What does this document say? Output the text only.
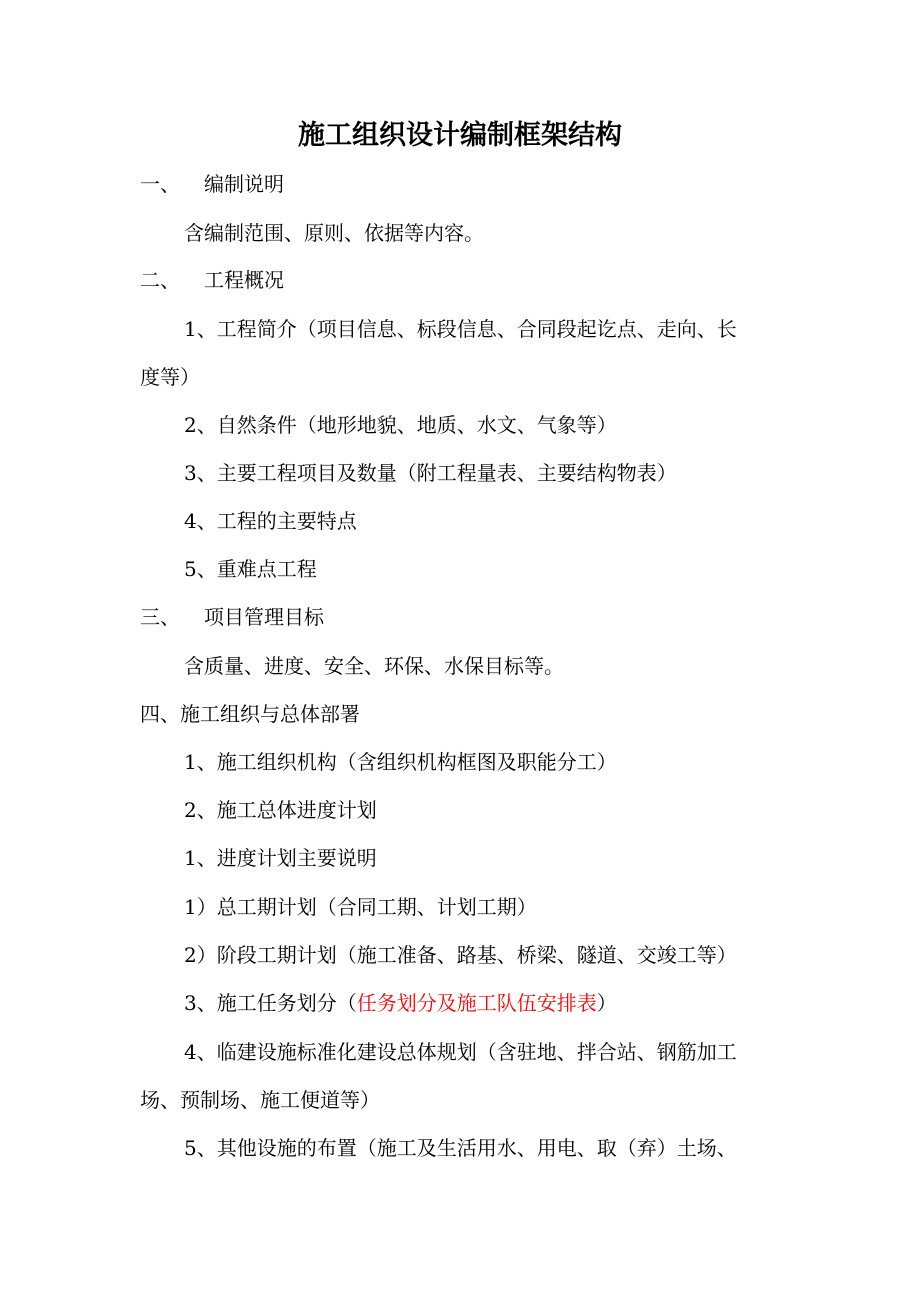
施工组织设计编制框架结构
一、 编制说明
含编制范围、原则、依据等内容。
二、 工程概况
1、工程简介（项目信息、标段信息、合同段起讫点、走向、长
度等）
2、自然条件（地形地貌、地质、水文、气象等）
3、主要工程项目及数量（附工程量表、主要结构物表）
4、工程的主要特点
5、重难点工程
三、 项目管理目标
含质量、进度、安全、环保、水保目标等。
四、施工组织与总体部署
1、施工组织机构（含组织机构框图及职能分工）
2、施工总体进度计划
1、进度计划主要说明
1）总工期计划（合同工期、计划工期）
2）阶段工期计划（施工准备、路基、桥梁、隧道、交竣工等）
3、施工任务划分（任务划分及施工队伍安排表）
4、临建设施标准化建设总体规划（含驻地、拌合站、钢筋加工
场、预制场、施工便道等）
5、其他设施的布置（施工及生活用水、用电、取（弃）土场、
